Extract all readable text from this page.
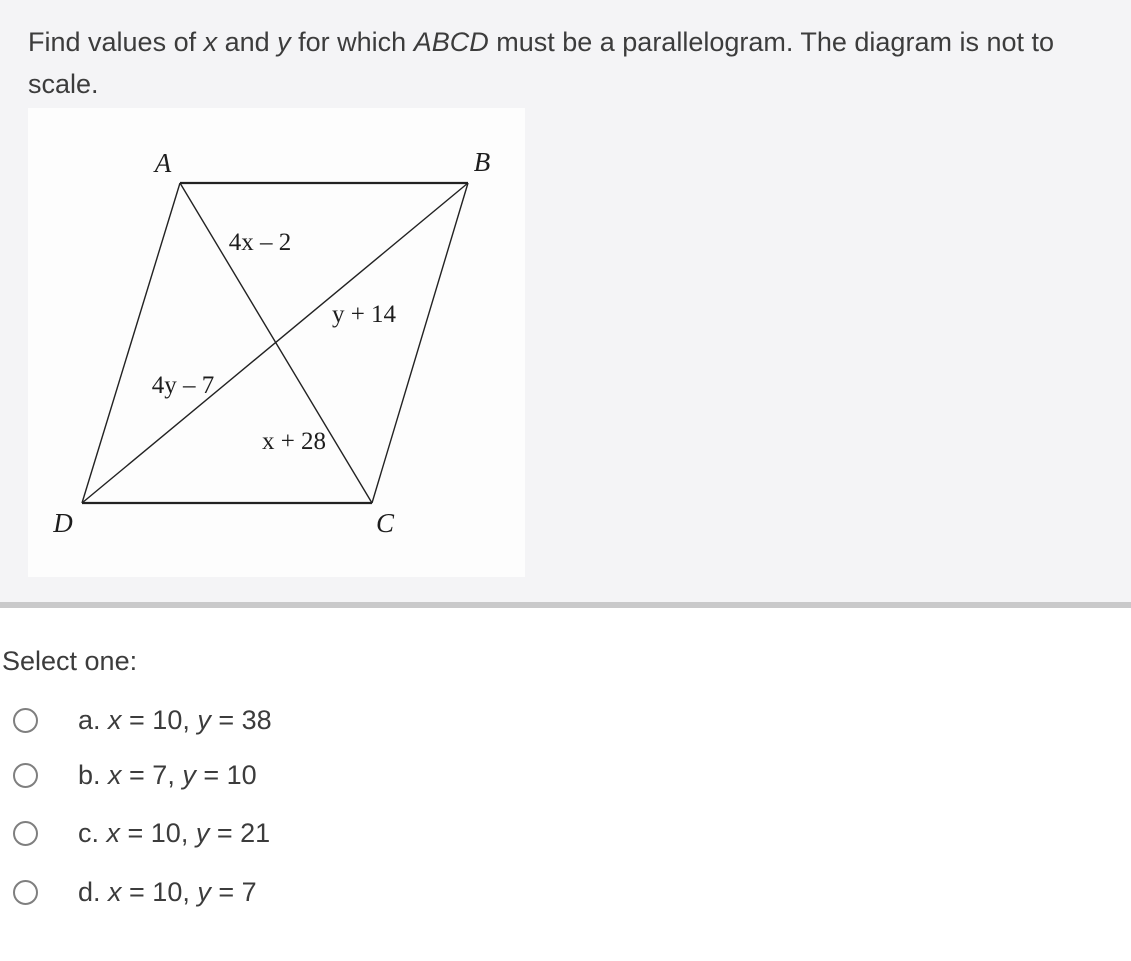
Find values of x and y for which ABCD must be a parallelogram. The diagram is not to scale.

A	B
C
D
4x – 2
y + 14
4y – 7
x + 28
Select one:
a. x = 10, y = 38
b. x = 7, y = 10
c. x = 10, y = 21
d. x = 10, y = 7
